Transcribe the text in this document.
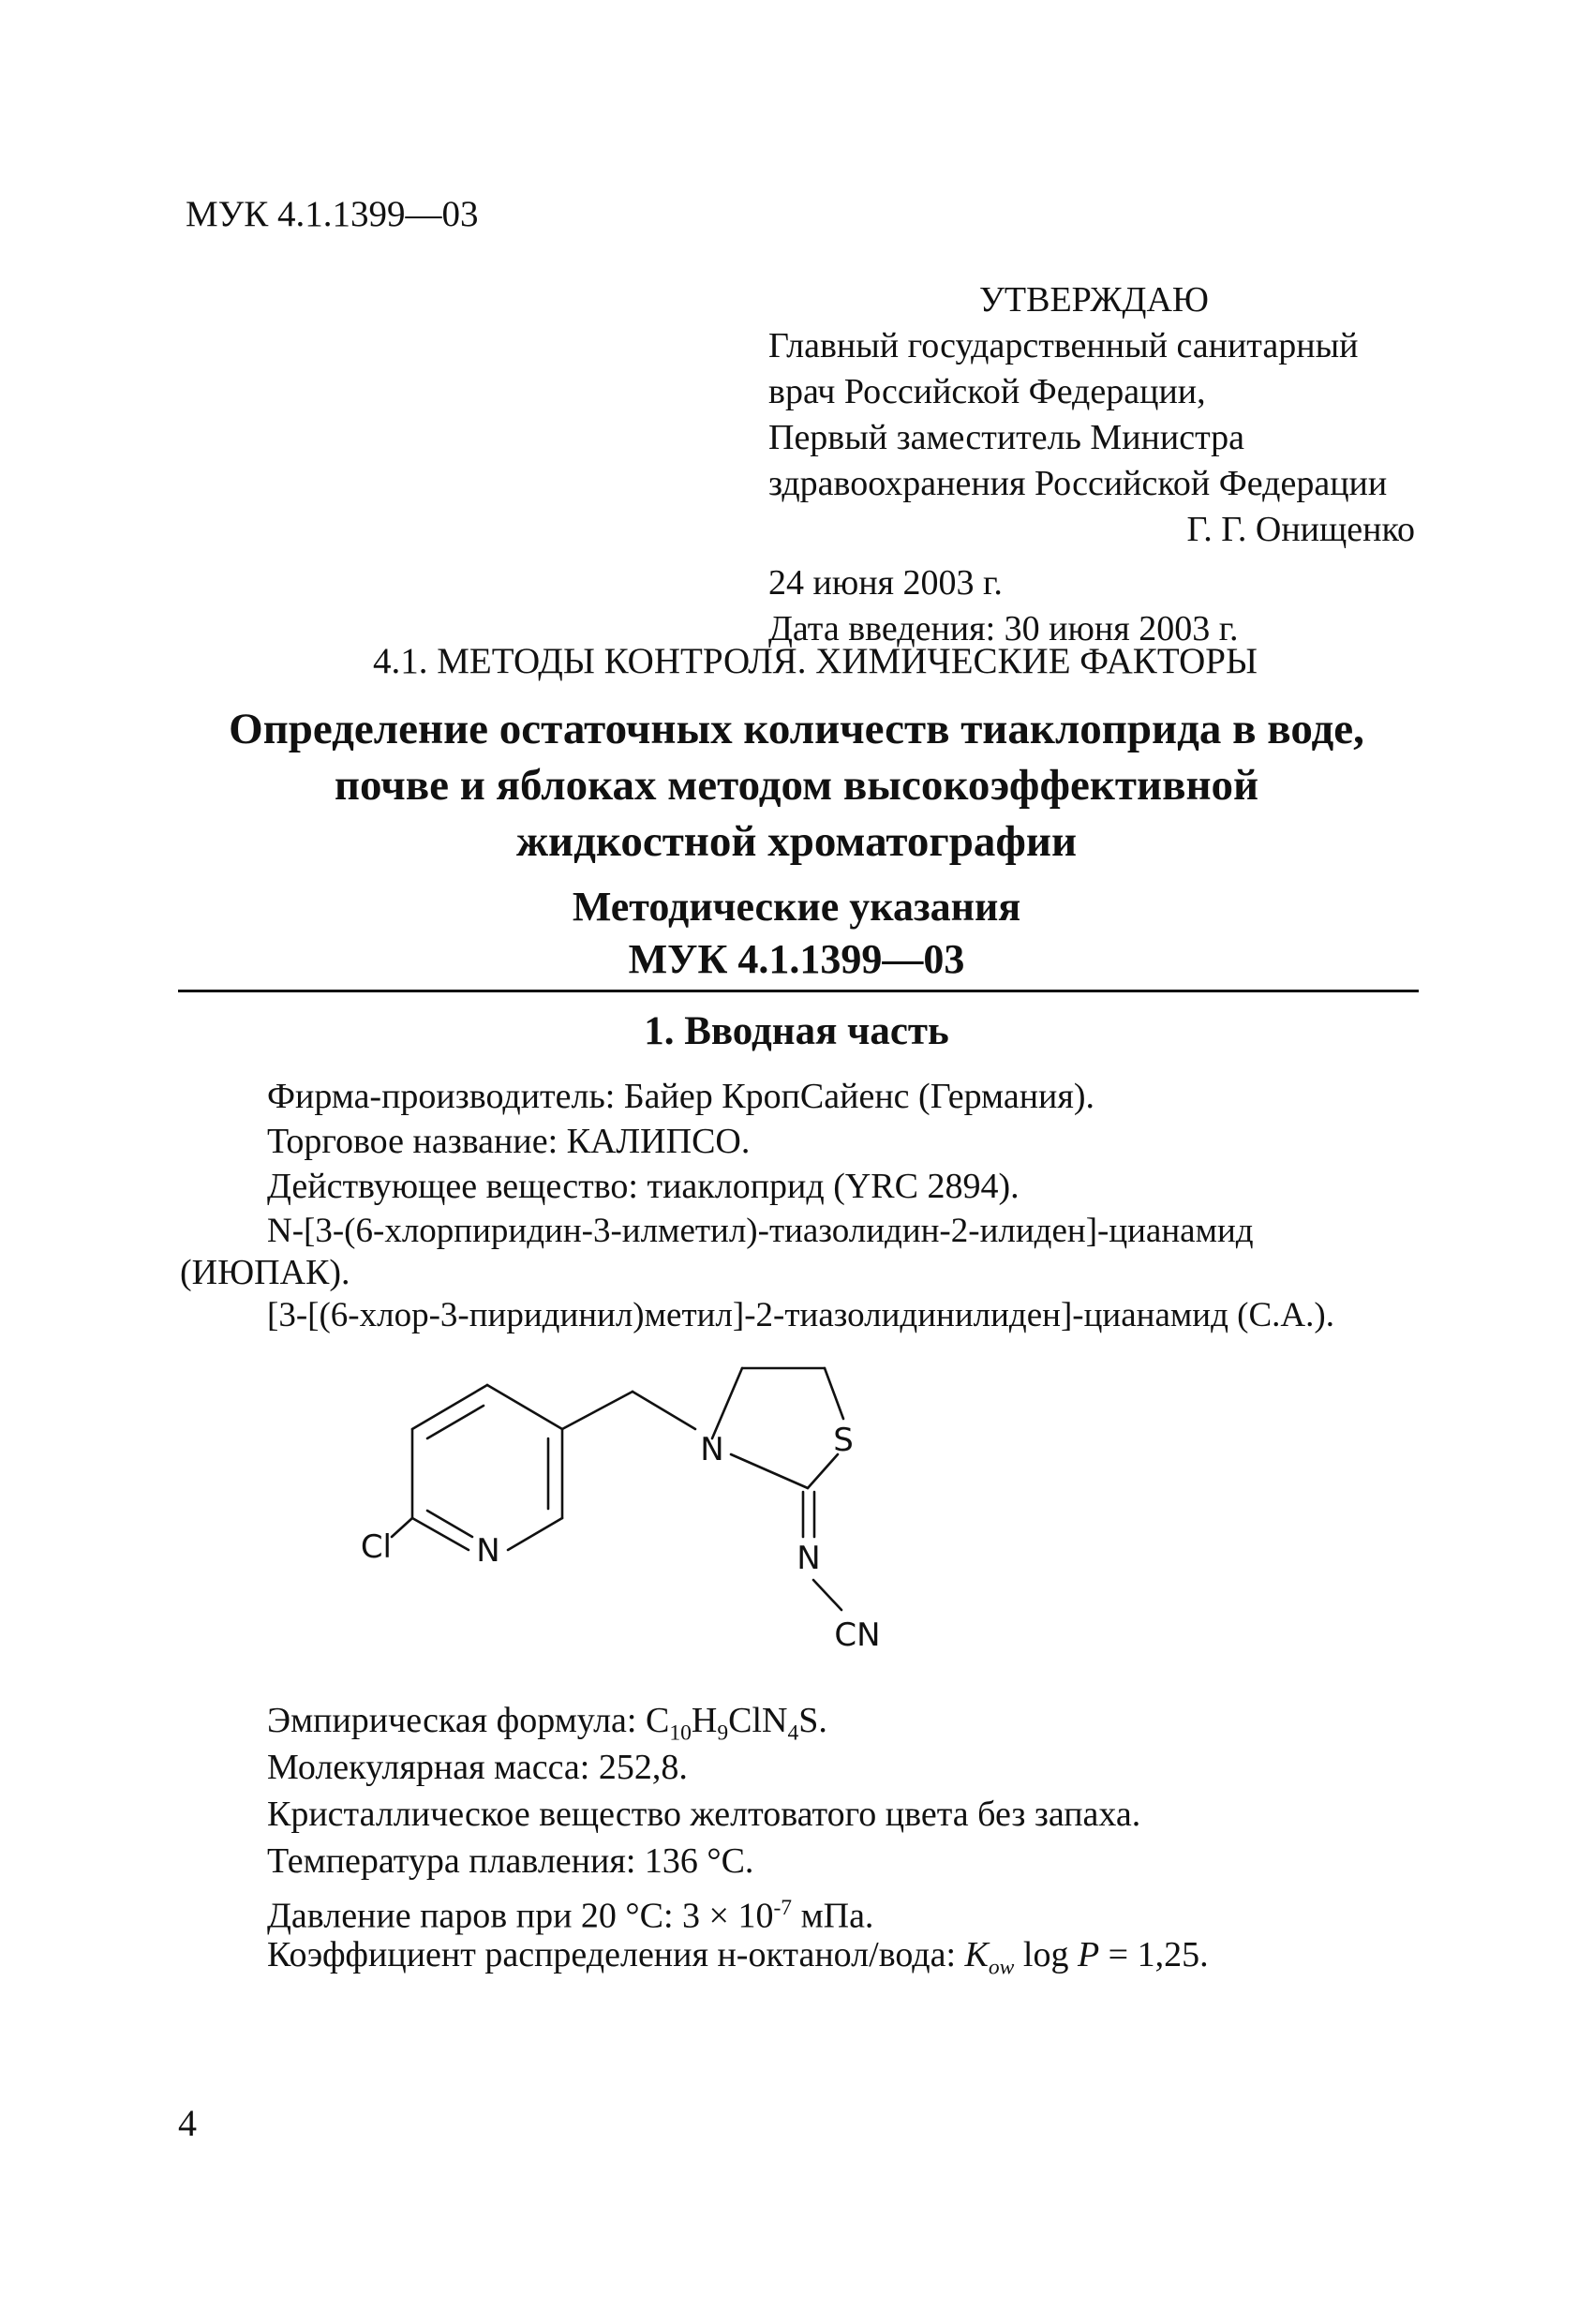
МУК 4.1.1399—03
УТВЕРЖДАЮ
Главный государственный санитарный
врач Российской Федерации,
Первый заместитель Министра
здравоохранения Российской Федерации
Г. Г. Онищенко
24 июня 2003 г.
Дата введения: 30 июня 2003 г.
4.1. МЕТОДЫ КОНТРОЛЯ. ХИМИЧЕСКИЕ ФАКТОРЫ
Определение остаточных количеств тиаклоприда в воде,
почве и яблоках методом высокоэффективной
жидкостной хроматографии
Методические указания
МУК 4.1.1399—03
1. Вводная часть
Фирма-производитель: Байер КропСайенс (Германия).
Торговое название: КАЛИПСО.
Действующее вещество: тиаклоприд (YRC 2894).
N-[3-(6-хлорпиридин-3-илметил)-тиазолидин-2-илиден]-цианамид
(ИЮПАК).
[3-[(6-хлор-3-пиридинил)метил]-2-тиазолидинилиден]-цианамид (С.А.).
Cl	N
N	S
N
CN
Эмпирическая формула: $C_{10}H_9ClN_4S$.
Молекулярная масса: 252,8.
Кристаллическое вещество желтоватого цвета без запаха.
Температура плавления: 136 °C.
Давление паров при 20 °С: $3 \times 10^{-7}$ мПа.
Коэффициент распределения н-октанол/вода: $K_{ow}$ log P = 1,25.
4
